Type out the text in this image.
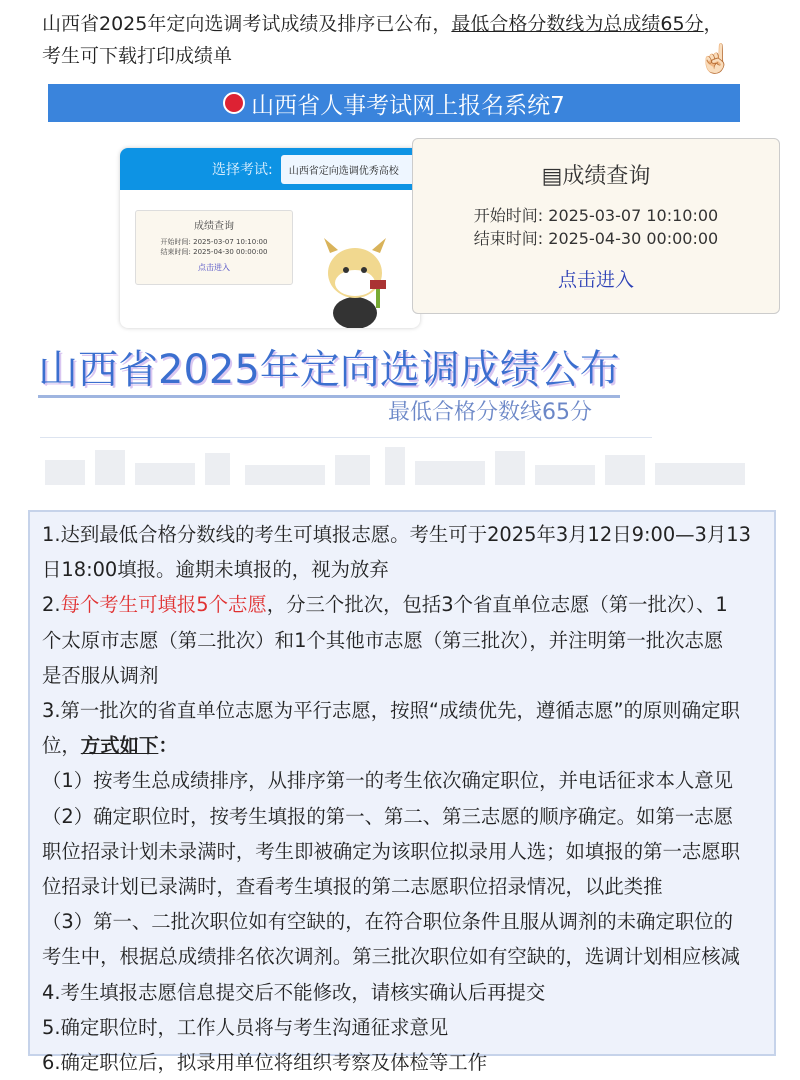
山西省2025年定向选调考试成绩及排序已公布，最低合格分数线为总成绩65分，
考生可下载打印成绩单	☝🏻
山西省人事考试网上报名系统7
选择考试:	山西省定向选调优秀高校
成绩查询
开始时间: 2025-03-07 10:10:00
结束时间: 2025-04-30 00:00:00
点击进入
▤成绩查询
开始时间: 2025-03-07 10:10:00
结束时间: 2025-04-30 00:00:00
点击进入
山西省2025年定向选调成绩公布
最低合格分数线65分
1.达到最低合格分数线的考生可填报志愿。考生可于2025年3月12日9:00—3月13
日18:00填报。逾期未填报的，视为放弃
2.每个考生可填报5个志愿，分三个批次，包括3个省直单位志愿（第一批次）、1
个太原市志愿（第二批次）和1个其他市志愿（第三批次），并注明第一批次志愿
是否服从调剂
3.第一批次的省直单位志愿为平行志愿，按照“成绩优先，遵循志愿”的原则确定职
位，方式如下：
（1）按考生总成绩排序，从排序第一的考生依次确定职位，并电话征求本人意见
（2）确定职位时，按考生填报的第一、第二、第三志愿的顺序确定。如第一志愿
职位招录计划未录满时，考生即被确定为该职位拟录用人选；如填报的第一志愿职
位招录计划已录满时，查看考生填报的第二志愿职位招录情况，以此类推
（3）第一、二批次职位如有空缺的，在符合职位条件且服从调剂的未确定职位的
考生中，根据总成绩排名依次调剂。第三批次职位如有空缺的，选调计划相应核减
4.考生填报志愿信息提交后不能修改，请核实确认后再提交
5.确定职位时，工作人员将与考生沟通征求意见
6.确定职位后，拟录用单位将组织考察及体检等工作
